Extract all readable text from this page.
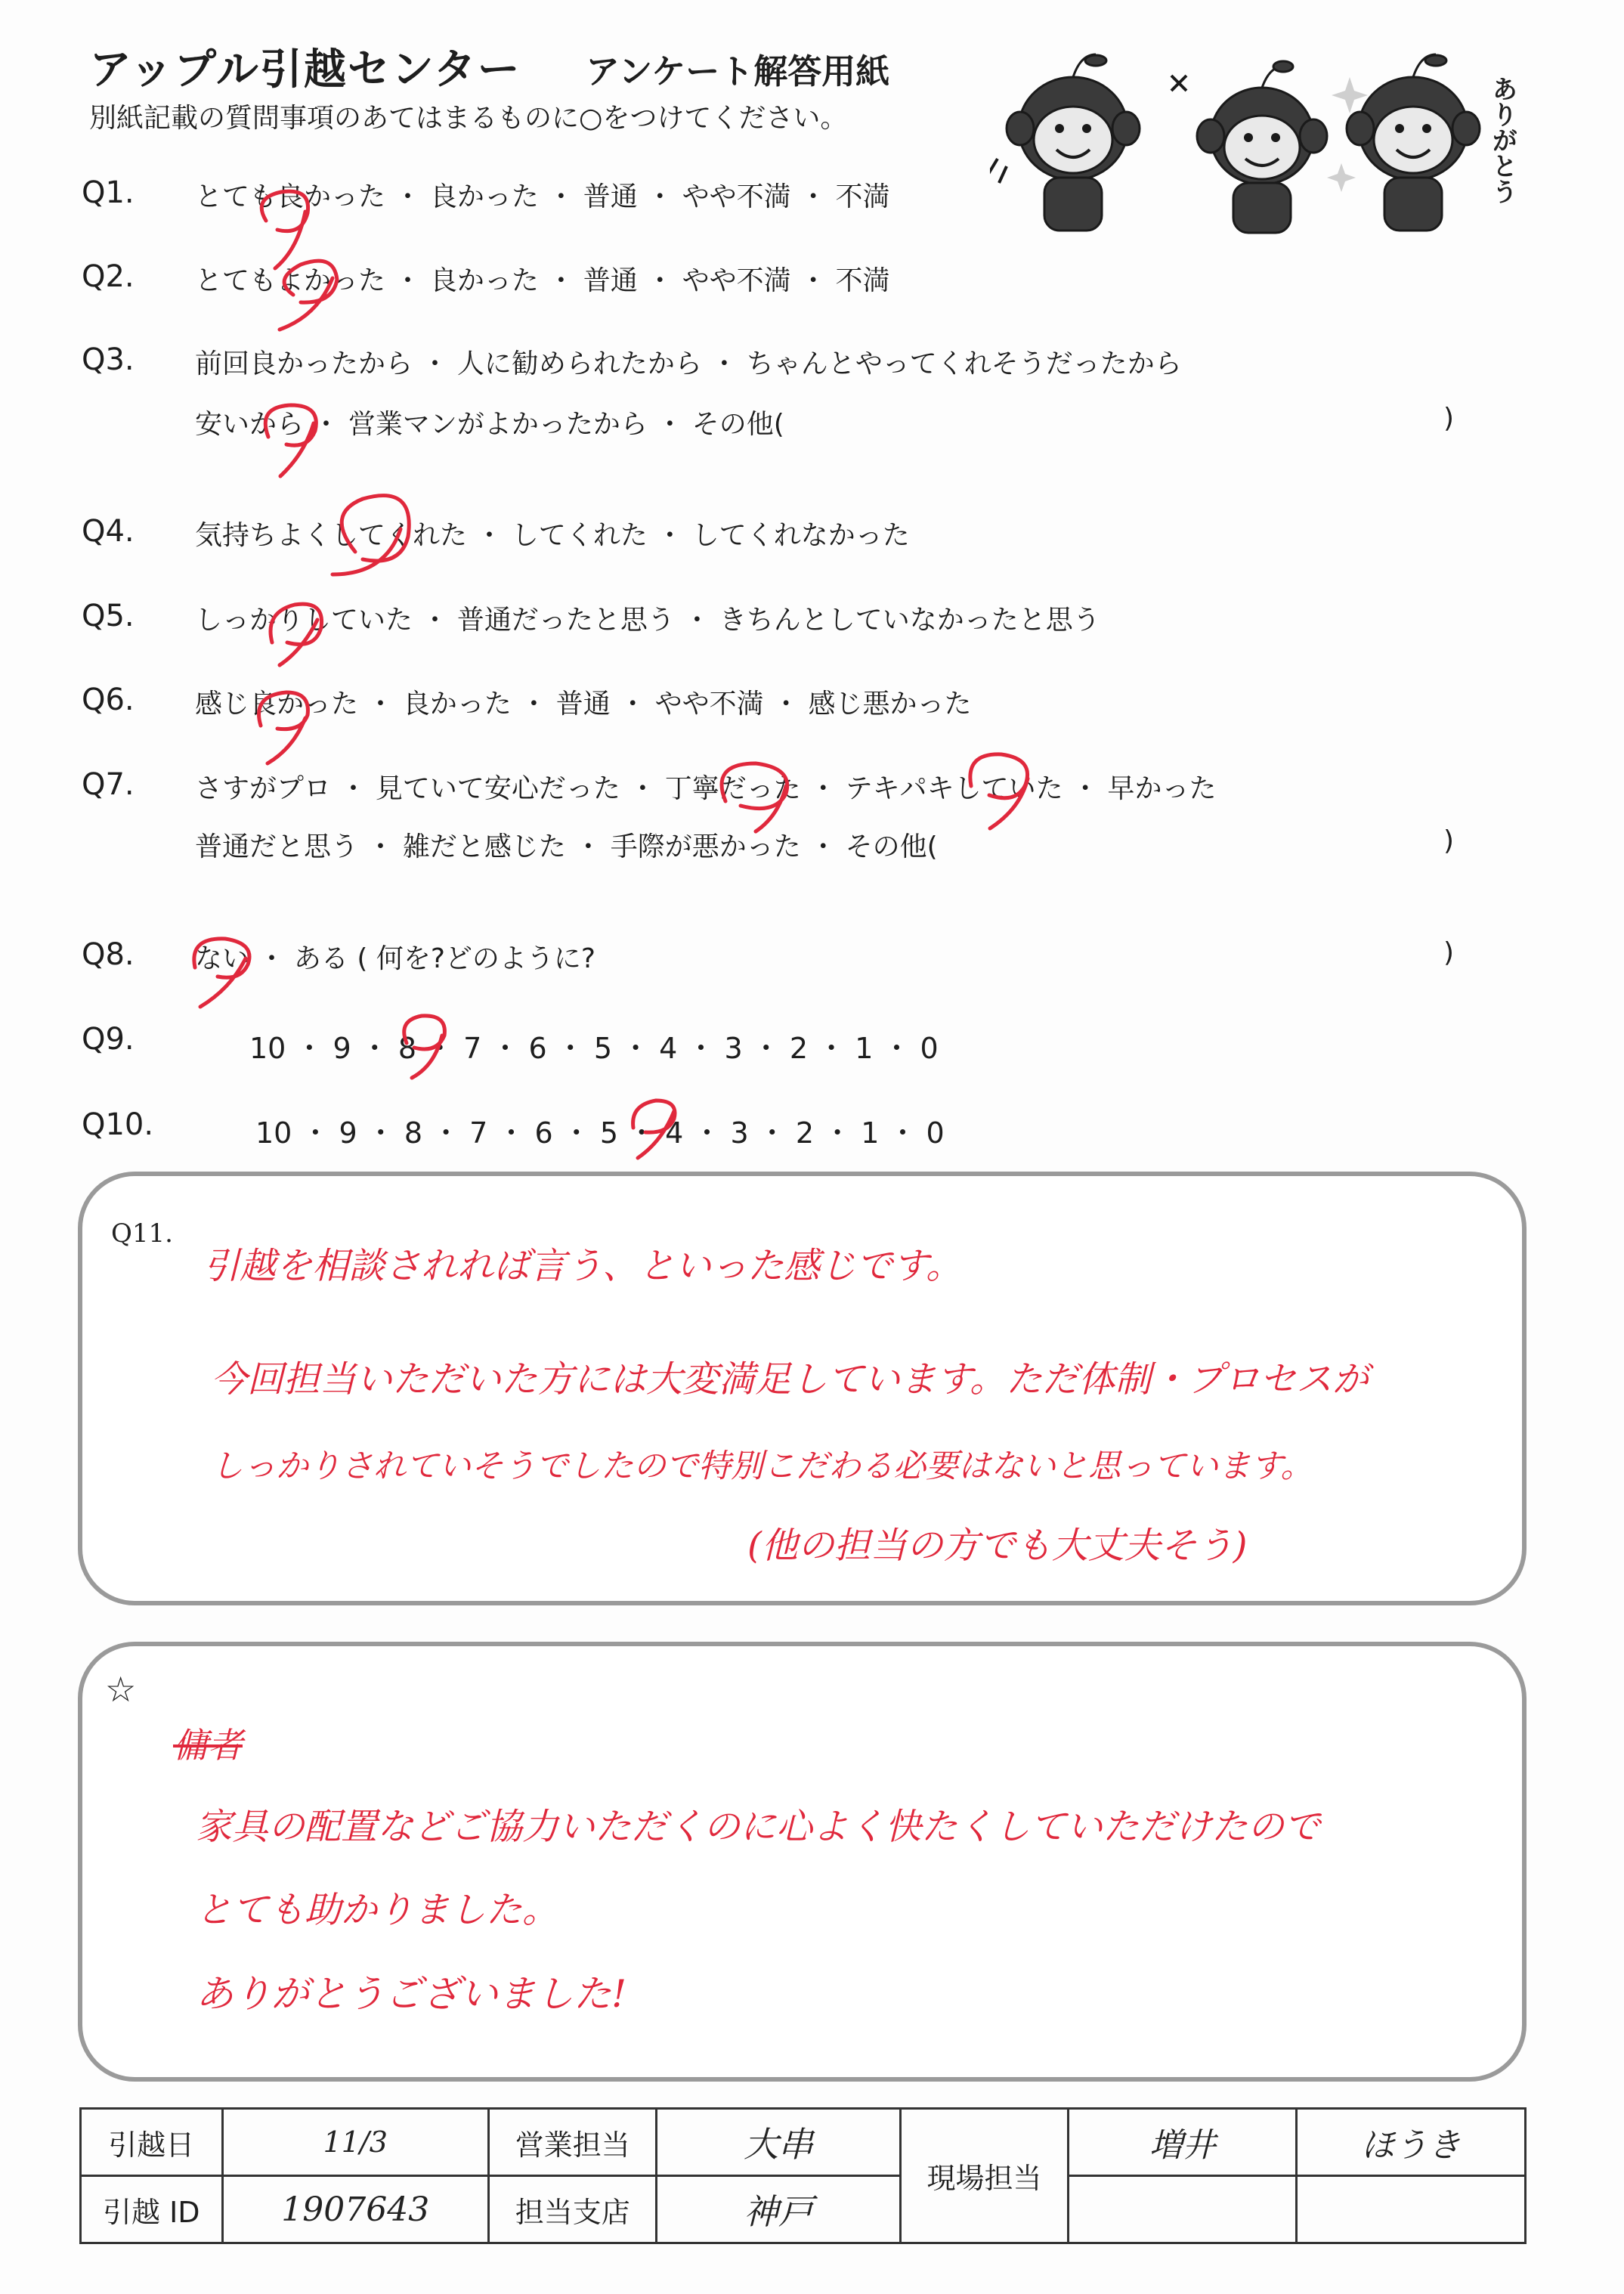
アップル引越センター アンケート解答用紙
別紙記載の質問事項のあてはまるものに○をつけてください。	ありがとう
Q1. とても良かった ・ 良かった ・ 普通 ・ やや不満 ・ 不満
Q2. とてもよかった ・ 良かった ・ 普通 ・ やや不満 ・ 不満
Q3. 前回良かったから ・ 人に勧められたから ・ ちゃんとやってくれそうだったから
安いから ・ 営業マンがよかったから ・ その他(	)
Q4. 気持ちよくしてくれた ・ してくれた ・ してくれなかった
Q5. しっかりしていた ・ 普通だったと思う ・ きちんとしていなかったと思う
Q6. 感じ良かった ・ 良かった ・ 普通 ・ やや不満 ・ 感じ悪かった
Q7. さすがプロ ・ 見ていて安心だった ・ 丁寧だった ・ テキパキしていた ・ 早かった
普通だと思う ・ 雑だと感じた ・ 手際が悪かった ・ その他(	)
Q8. ない ・ ある ( 何を?どのように?	)
Q9.	10 ・ 9 ・ 8 ・ 7 ・ 6 ・ 5 ・ 4 ・ 3 ・ 2 ・ 1 ・ 0
Q10.	10 ・ 9 ・ 8 ・ 7 ・ 6 ・ 5 ・ 4 ・ 3 ・ 2 ・ 1 ・ 0
Q11.
引越を相談されれば言う、といった感じです。
今回担当いただいた方には大変満足しています。ただ体制・プロセスが
しっかりされていそうでしたので特別こだわる必要はないと思っています。
(他の担当の方でも大丈夫そう)
☆
傭者
家具の配置などご協力いただくのに心よく快たくしていただけたので
とても助かりました。
ありがとうございました!
引越日	11/3	営業担当	大串	現場担当	増井	ほうき
引越 ID	1907643	担当支店	神戸			
